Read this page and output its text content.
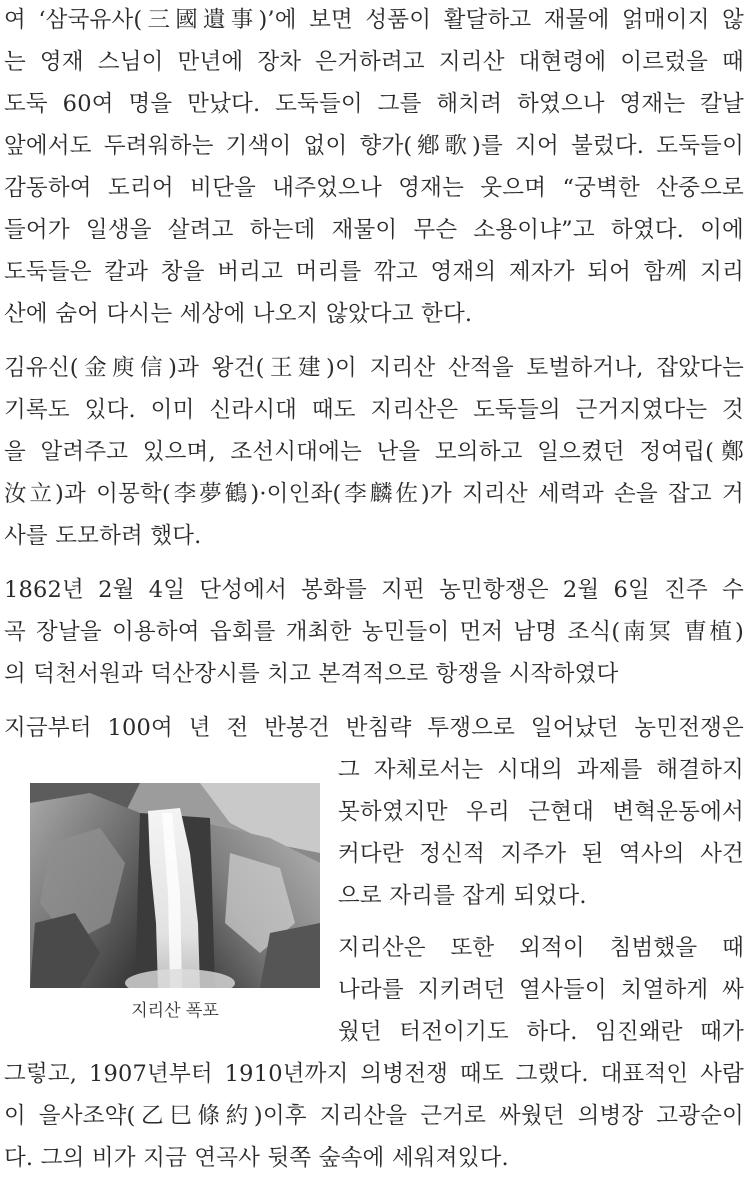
여 ‘삼국유사(三國遺事)’에 보면 성품이 활달하고 재물에 얽매이지 않
는 영재 스님이 만년에 장차 은거하려고 지리산 대현령에 이르렀을 때
도둑 60여 명을 만났다. 도둑들이 그를 해치려 하였으나 영재는 칼날
앞에서도 두려워하는 기색이 없이 향가(鄕歌)를 지어 불렀다. 도둑들이
감동하여 도리어 비단을 내주었으나 영재는 웃으며 “궁벽한 산중으로
들어가 일생을 살려고 하는데 재물이 무슨 소용이냐”고 하였다. 이에
도둑들은 칼과 창을 버리고 머리를 깎고 영재의 제자가 되어 함께 지리
산에 숨어 다시는 세상에 나오지 않았다고 한다.
김유신(金庾信)과 왕건(王建)이 지리산 산적을 토벌하거나, 잡았다는
기록도 있다. 이미 신라시대 때도 지리산은 도둑들의 근거지였다는 것
을 알려주고 있으며, 조선시대에는 난을 모의하고 일으켰던 정여립(鄭
汝立)과 이몽학(李夢鶴)·이인좌(李麟佐)가 지리산 세력과 손을 잡고 거
사를 도모하려 했다.
1862년 2월 4일 단성에서 봉화를 지핀 농민항쟁은 2월 6일 진주 수
곡 장날을 이용하여 읍회를 개최한 농민들이 먼저 남명 조식(南冥 曺植)
의 덕천서원과 덕산장시를 치고 본격적으로 항쟁을 시작하였다
지금부터 100여 년 전 반봉건 반침략 투쟁으로 일어났던 농민전쟁은
그 자체로서는 시대의 과제를 해결하지
못하였지만 우리 근현대 변혁운동에서
커다란 정신적 지주가 된 역사의 사건
으로 자리를 잡게 되었다.
지리산은 또한 외적이 침범했을 때
나라를 지키려던 열사들이 치열하게 싸
웠던 터전이기도 하다. 임진왜란 때가
그렇고, 1907년부터 1910년까지 의병전쟁 때도 그랬다. 대표적인 사람
이 을사조약(乙巳條約)이후 지리산을 근거로 싸웠던 의병장 고광순이
다. 그의 비가 지금 연곡사 뒷쪽 숲속에 세워져있다.
지리산 폭포
